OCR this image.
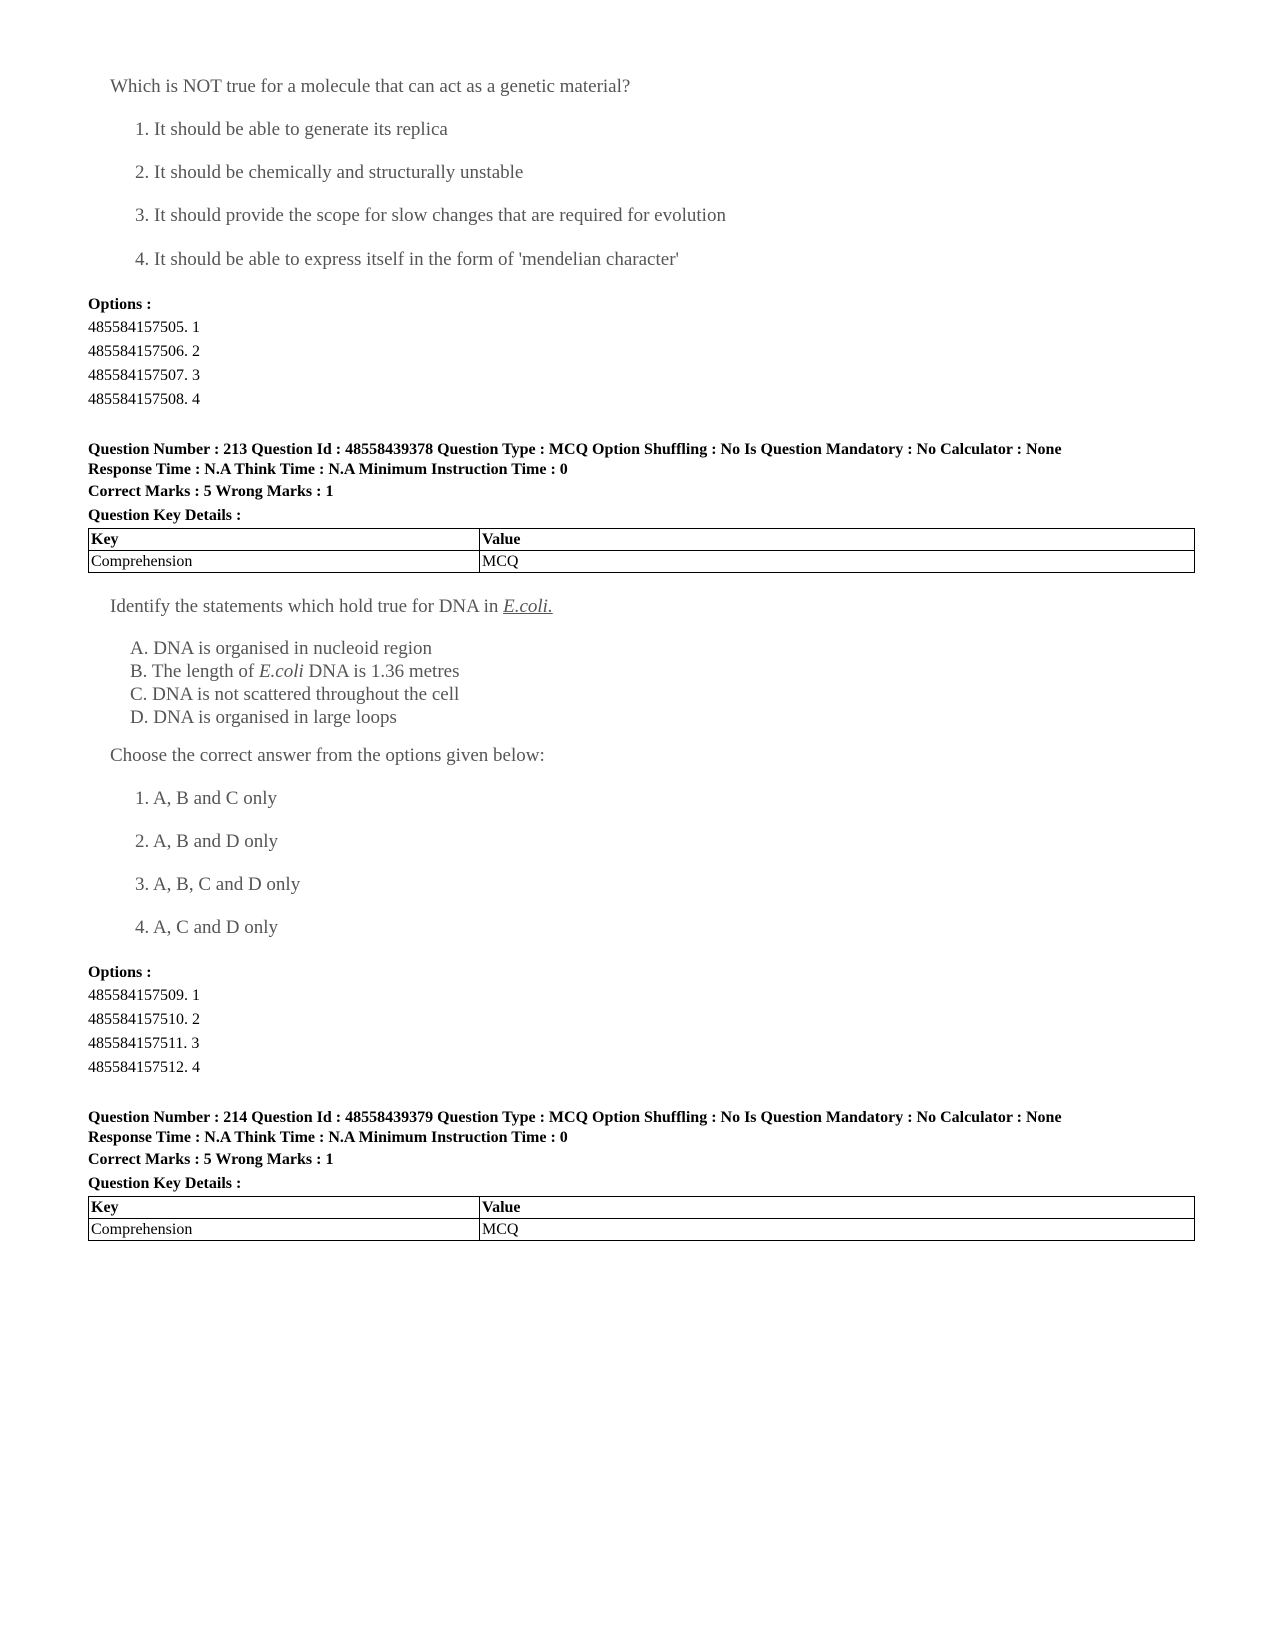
Which is NOT true for a molecule that can act as a genetic material?
1. It should be able to generate its replica
2. It should be chemically and structurally unstable
3. It should provide the scope for slow changes that are required for evolution
4. It should be able to express itself in the form of 'mendelian character'
Options :
485584157505. 1
485584157506. 2
485584157507. 3
485584157508. 4
Question Number : 213 Question Id : 48558439378 Question Type : MCQ Option Shuffling : No Is Question Mandatory : No Calculator : None
Response Time : N.A Think Time : N.A Minimum Instruction Time : 0
Correct Marks : 5 Wrong Marks : 1
Question Key Details :
Key	Value
Comprehension	MCQ
Identify the statements which hold true for DNA in E.coli.
A. DNA is organised in nucleoid region
B. The length of E.coli DNA is 1.36 metres
C. DNA is not scattered throughout the cell
D. DNA is organised in large loops
Choose the correct answer from the options given below:
1. A, B and C only
2. A, B and D only
3. A, B, C and D only
4. A, C and D only
Options :
485584157509. 1
485584157510. 2
485584157511. 3
485584157512. 4
Question Number : 214 Question Id : 48558439379 Question Type : MCQ Option Shuffling : No Is Question Mandatory : No Calculator : None
Response Time : N.A Think Time : N.A Minimum Instruction Time : 0
Correct Marks : 5 Wrong Marks : 1
Question Key Details :
Key	Value
Comprehension	MCQ
